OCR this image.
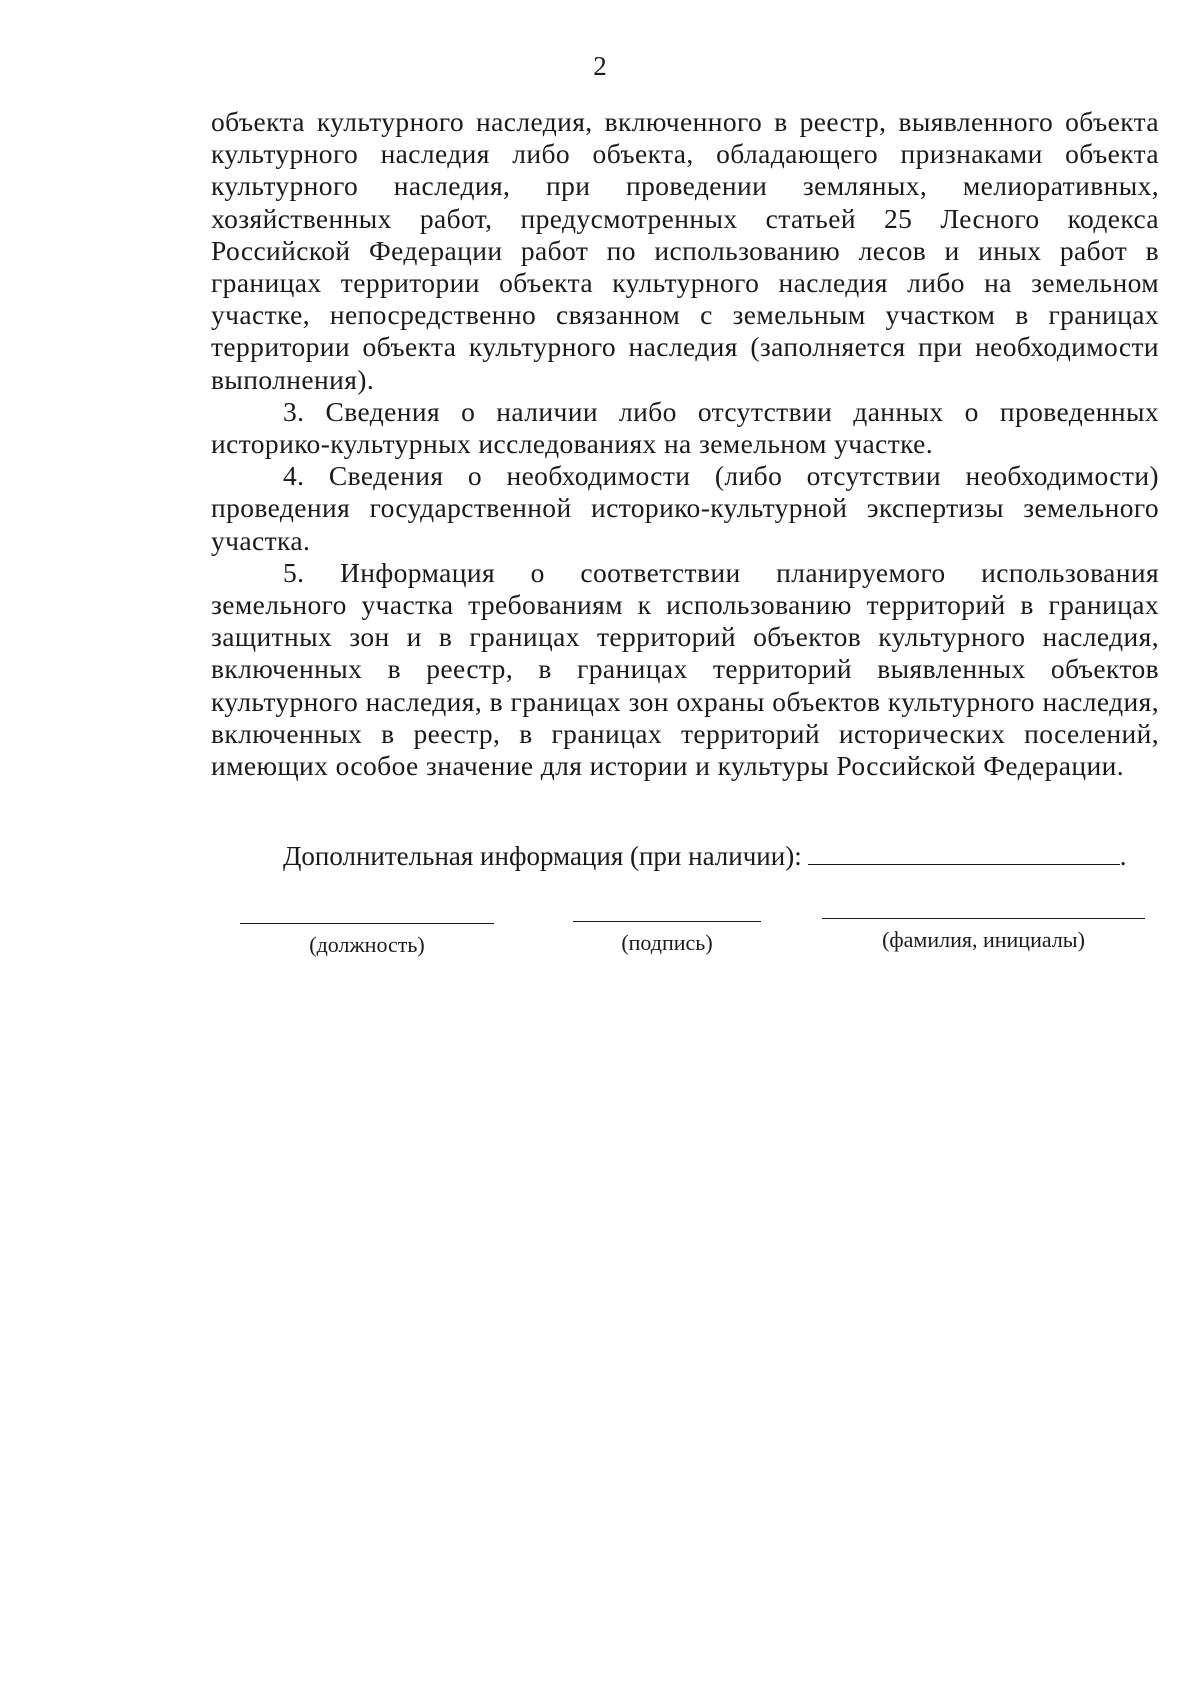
2

объекта культурного наследия, включенного в реестр, выявленного объекта культурного наследия либо объекта, обладающего признаками объекта культурного наследия, при проведении земляных, мелиоративных, хозяйственных работ, предусмотренных статьей 25 Лесного кодекса Российской Федерации работ по использованию лесов и иных работ в границах территории объекта культурного наследия либо на земельном участке, непосредственно связанном с земельным участком в границах территории объекта культурного наследия (заполняется при необходимости выполнения).

3. Сведения о наличии либо отсутствии данных о проведенных историко-культурных исследованиях на земельном участке.

4. Сведения о необходимости (либо отсутствии необходимости) проведения государственной историко-культурной экспертизы земельного участка.

5. Информация о соответствии планируемого использования земельного участка требованиям к использованию территорий в границах защитных зон и в границах территорий объектов культурного наследия, включенных в реестр, в границах территорий выявленных объектов культурного наследия, в границах зон охраны объектов культурного наследия, включенных в реестр, в границах территорий исторических поселений, имеющих особое значение для истории и культуры Российской Федерации.

Дополнительная информация (при наличии):	.
(должность)	(подпись)	(фамилия, инициалы)
